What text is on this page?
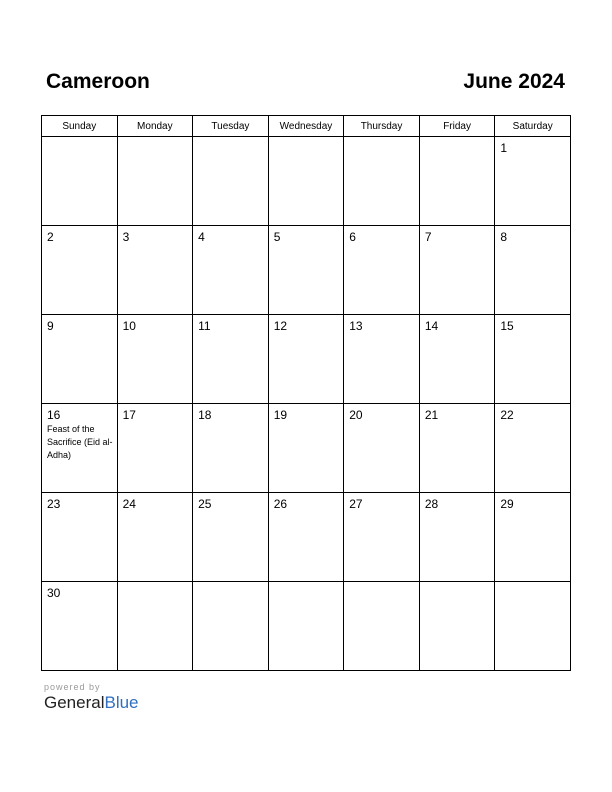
Cameroon	June 2024
Sunday	Monday	Tuesday	Wednesday	Thursday	Friday	Saturday

						1

2	3	4	5	6	7	8

9	10	11	12	13	14	15

16
Feast of the Sacrifice (Eid al-Adha)	17	18	19	20	21	22

23	24	25	26	27	28	29

30						

powered by
GeneralBlue
